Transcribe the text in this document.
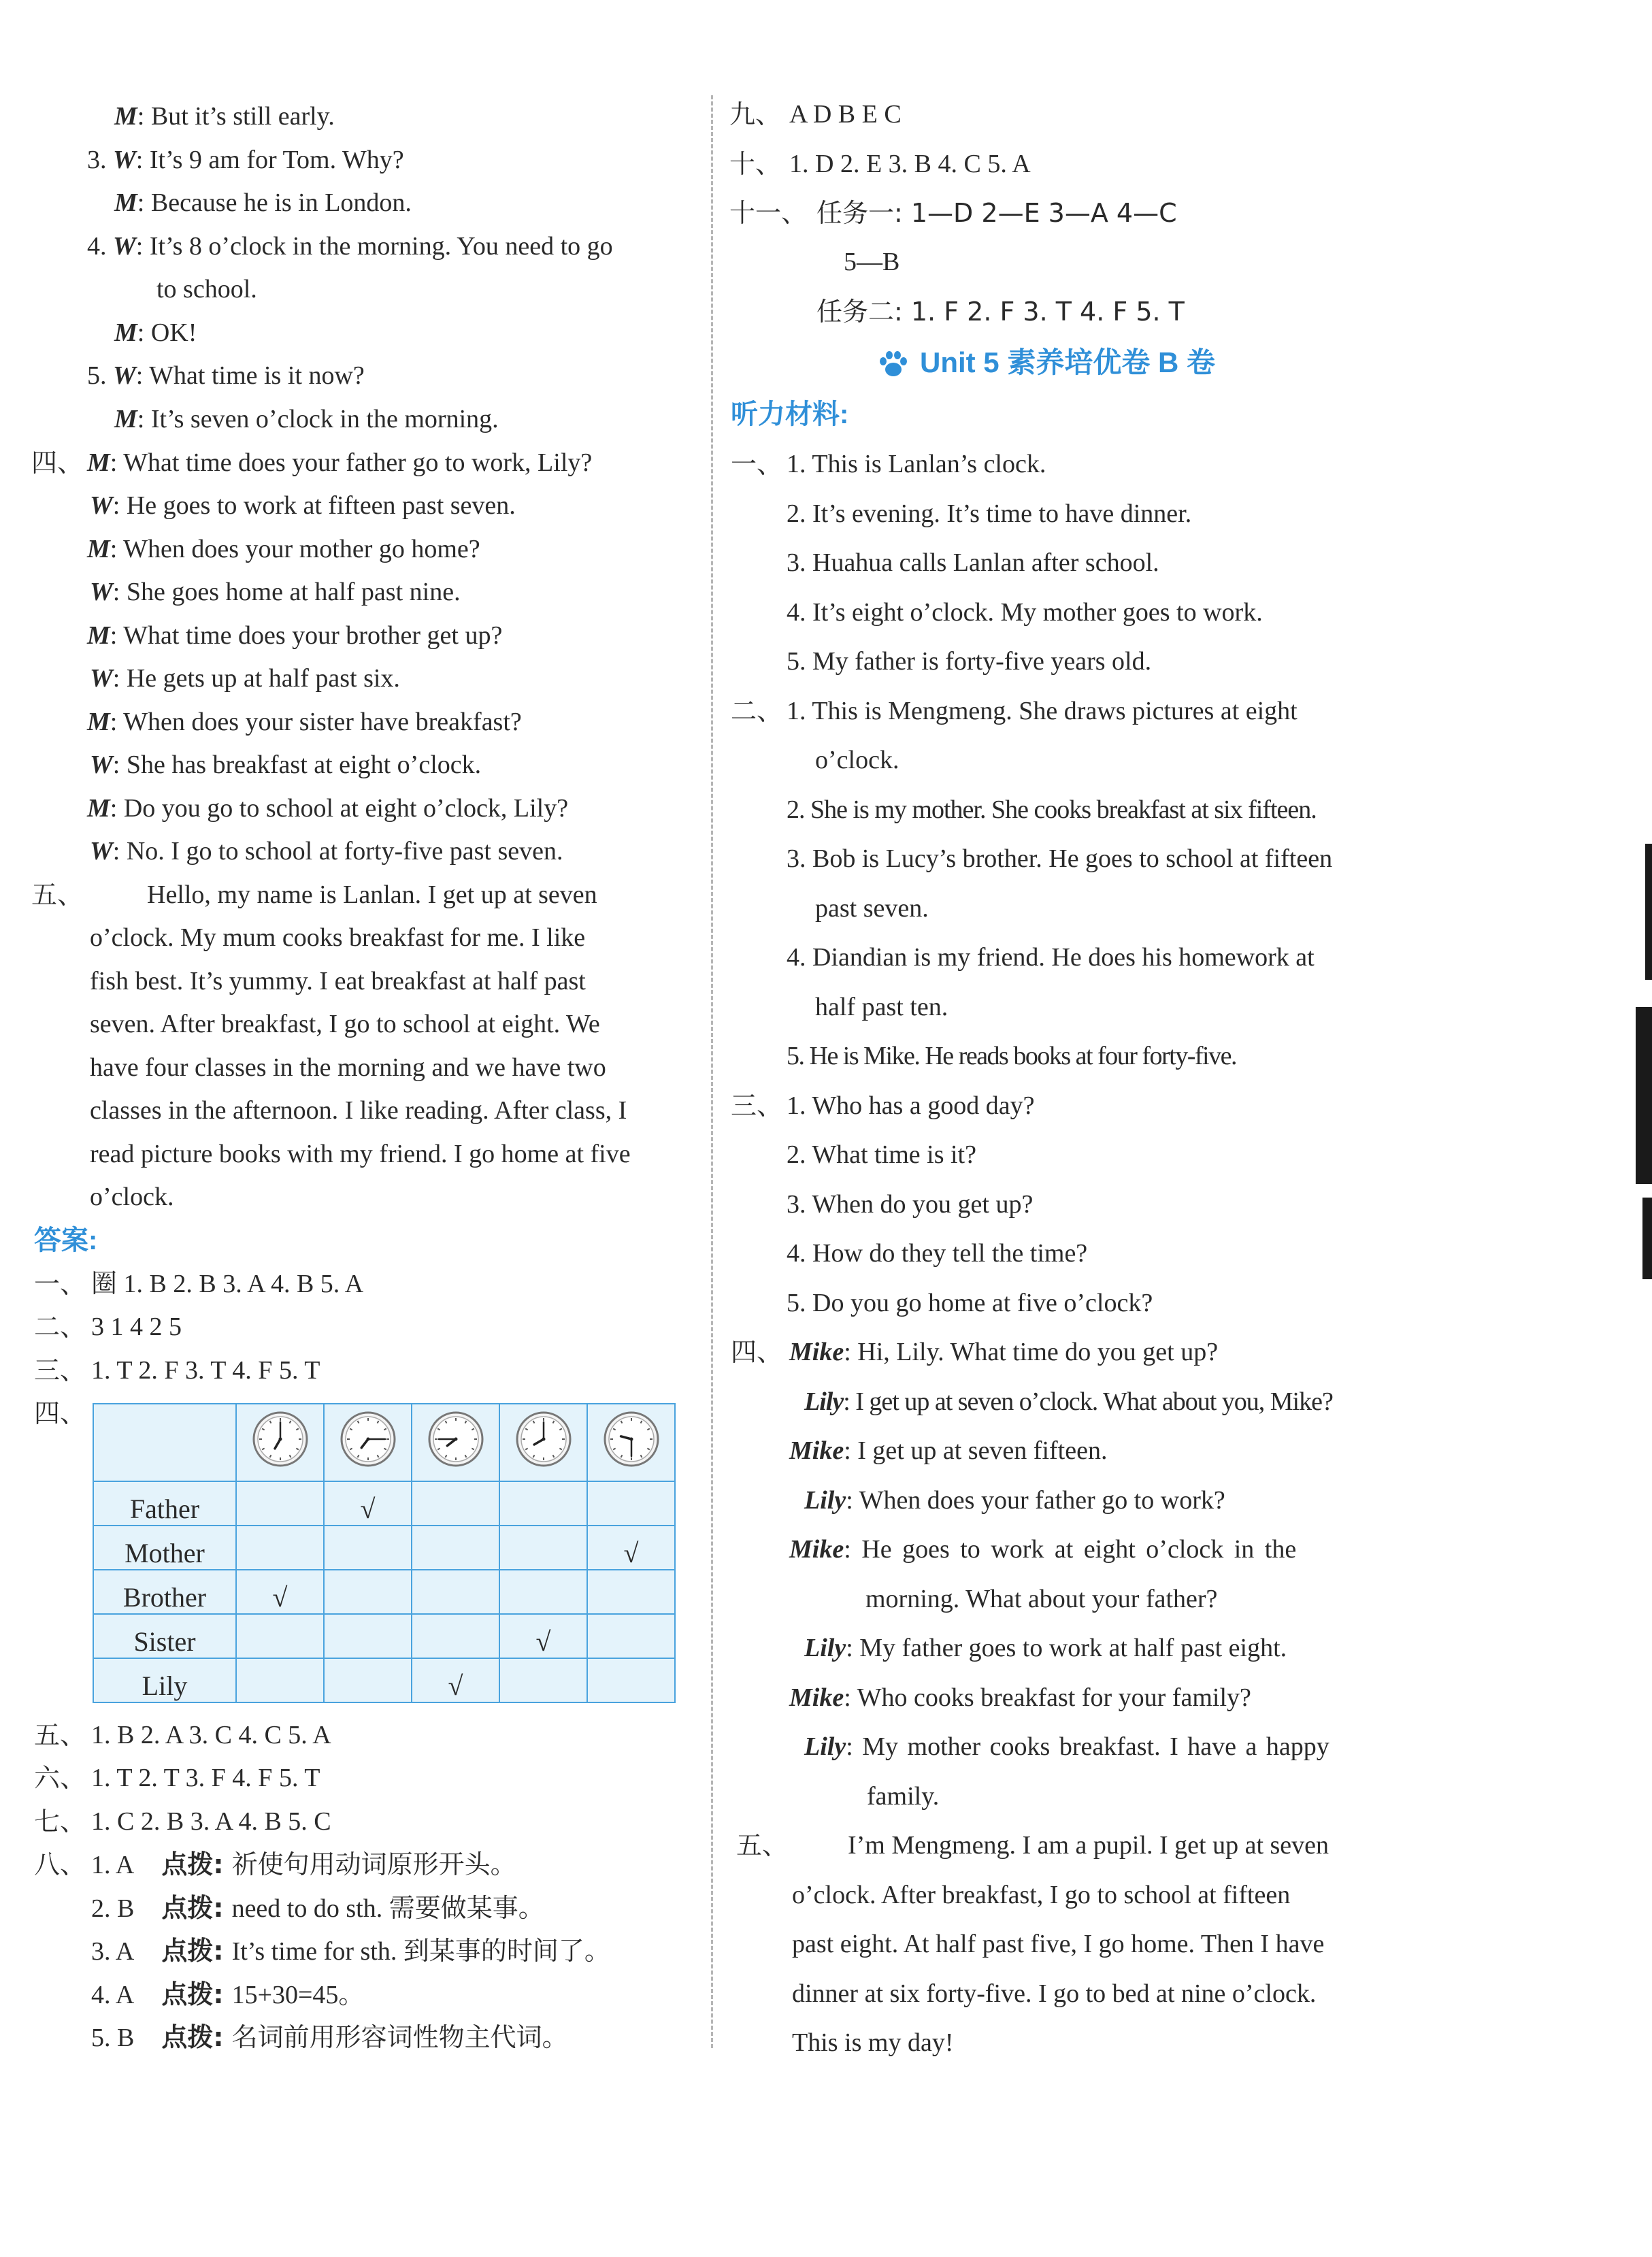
M: But it’s still early.
3. W: It’s 9 am for Tom. Why?
M: Because he is in London.
4. W: It’s 8 o’clock in the morning. You need to go
to school.
M: OK!
5. W: What time is it now?
M: It’s seven o’clock in the morning.
四、 M: What time does your father go to work, Lily?
W: He goes to work at fifteen past seven.
M: When does your mother go home?
W: She goes home at half past nine.
M: What time does your brother get up?
W: He gets up at half past six.
M: When does your sister have breakfast?
W: She has breakfast at eight o’clock.
M: Do you go to school at eight o’clock, Lily?
W: No. I go to school at forty-five past seven.
五、 Hello, my name is Lanlan. I get up at seven
o’clock. My mum cooks breakfast for me. I like
fish best. It’s yummy. I eat breakfast at half past
seven. After breakfast, I go to school at eight. We
have four classes in the morning and we have two
classes in the afternoon. I like reading. After class, I
read picture books with my friend. I go home at five
o’clock.
答案:
一、 圈 1. B 2. B 3. A 4. B 5. A
二、 3 1 4 2 5
三、 1. T 2. F 3. T 4. F 5. T
四、

Father		√			
Mother					√
Brother	√				
Sister				√	
Lily			√		
五、 1. B 2. A 3. C 4. C 5. A
六、 1. T 2. T 3. F 4. F 5. T
七、 1. C 2. B 3. A 4. B 5. C
八、 1. A 点拨: 祈使句用动词原形开头。
2. B 点拨: need to do sth. 需要做某事。
3. A 点拨: It’s time for sth. 到某事的时间了。
4. A 点拨: 15+30=45。
5. B 点拨: 名词前用形容词性物主代词。
九、 A D B E C
十、 1. D 2. E 3. B 4. C 5. A
十一、 任务一: 1—D 2—E 3—A 4—C
5—B
任务二: 1. F 2. F 3. T 4. F 5. T
Unit 5 素养培优卷 B 卷
听力材料:
一、 1. This is Lanlan’s clock.
2. It’s evening. It’s time to have dinner.
3. Huahua calls Lanlan after school.
4. It’s eight o’clock. My mother goes to work.
5. My father is forty-five years old.
二、 1. This is Mengmeng. She draws pictures at eight
o’clock.
2. She is my mother. She cooks breakfast at six fifteen.
3. Bob is Lucy’s brother. He goes to school at fifteen
past seven.
4. Diandian is my friend. He does his homework at
half past ten.
5. He is Mike. He reads books at four forty-five.
三、 1. Who has a good day?
2. What time is it?
3. When do you get up?
4. How do they tell the time?
5. Do you go home at five o’clock?
四、 Mike: Hi, Lily. What time do you get up?
Lily: I get up at seven o’clock. What about you, Mike?
Mike: I get up at seven fifteen.
Lily: When does your father go to work?
Mike: He goes to work at eight o’clock in the
morning. What about your father?
Lily: My father goes to work at half past eight.
Mike: Who cooks breakfast for your family?
Lily: My mother cooks breakfast. I have a happy
family.
五、 I’m Mengmeng. I am a pupil. I get up at seven
o’clock. After breakfast, I go to school at fifteen
past eight. At half past five, I go home. Then I have
dinner at six forty-five. I go to bed at nine o’clock.
This is my day!
